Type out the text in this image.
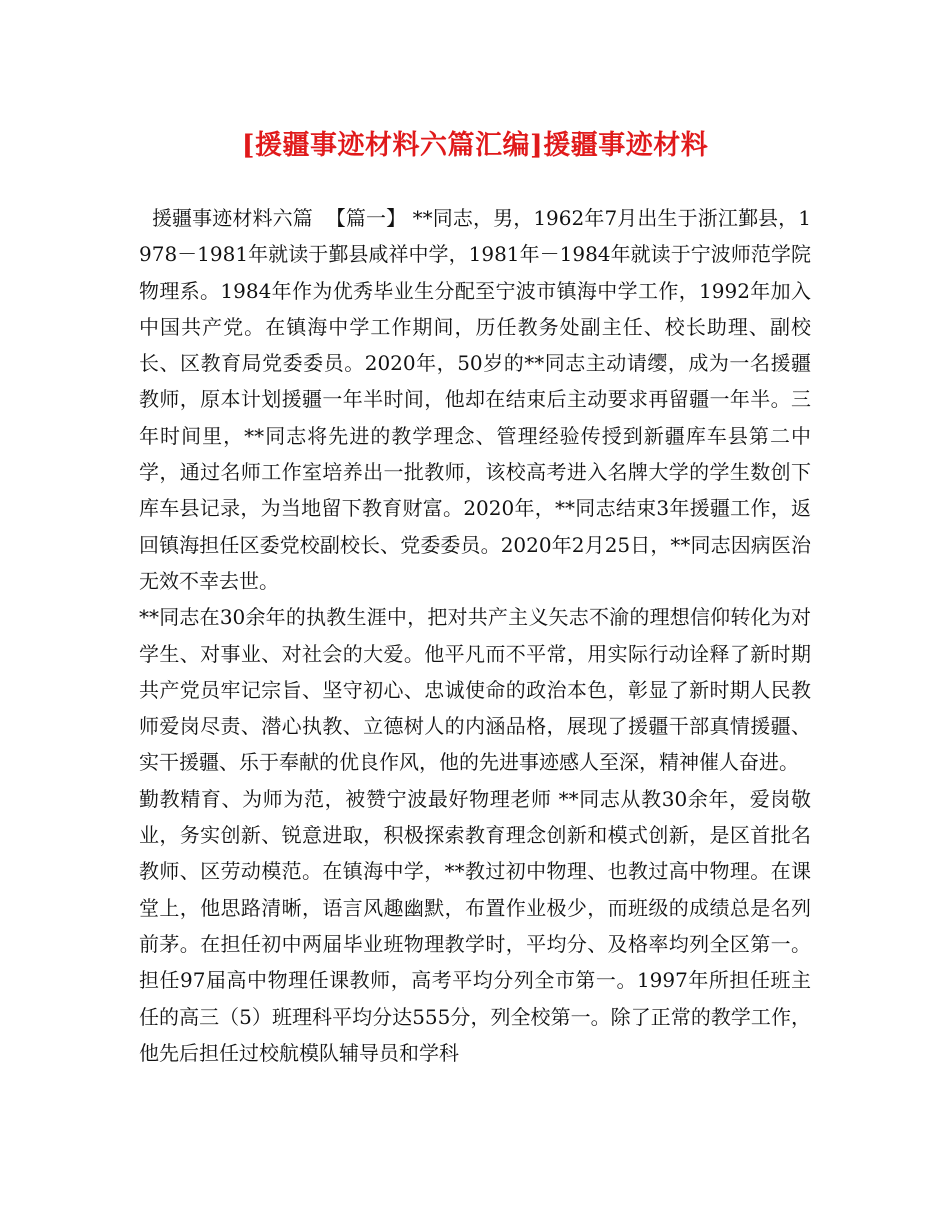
[援疆事迹材料六篇汇编]援疆事迹材料

援疆事迹材料六篇  【篇一】 **同志，男，1962年7月出生于浙江鄞县，1978－1981年就读于鄞县咸祥中学，1981年－1984年就读于宁波师范学院物理系。1984年作为优秀毕业生分配至宁波市镇海中学工作，1992年加入中国共产党。在镇海中学工作期间，历任教务处副主任、校长助理、副校长、区教育局党委委员。2020年，50岁的**同志主动请缨，成为一名援疆教师，原本计划援疆一年半时间，他却在结束后主动要求再留疆一年半。三年时间里，**同志将先进的教学理念、管理经验传授到新疆库车县第二中学，通过名师工作室培养出一批教师，该校高考进入名牌大学的学生数创下库车县记录，为当地留下教育财富。2020年，**同志结束3年援疆工作，返回镇海担任区委党校副校长、党委委员。2020年2月25日，**同志因病医治无效不幸去世。

**同志在30余年的执教生涯中，把对共产主义矢志不渝的理想信仰转化为对学生、对事业、对社会的大爱。他平凡而不平常，用实际行动诠释了新时期共产党员牢记宗旨、坚守初心、忠诚使命的政治本色，彰显了新时期人民教师爱岗尽责、潜心执教、立德树人的内涵品格，展现了援疆干部真情援疆、实干援疆、乐于奉献的优良作风，他的先进事迹感人至深，精神催人奋进。

勤教精育、为师为范，被赞宁波最好物理老师 **同志从教30余年，爱岗敬业，务实创新、锐意进取，积极探索教育理念创新和模式创新，是区首批名教师、区劳动模范。在镇海中学，**教过初中物理、也教过高中物理。在课堂上，他思路清晰，语言风趣幽默，布置作业极少，而班级的成绩总是名列前茅。在担任初中两届毕业班物理教学时，平均分、及格率均列全区第一。担任97届高中物理任课教师，高考平均分列全市第一。1997年所担任班主任的高三（5）班理科平均分达555分，列全校第一。除了正常的教学工作，他先后担任过校航模队辅导员和学科
